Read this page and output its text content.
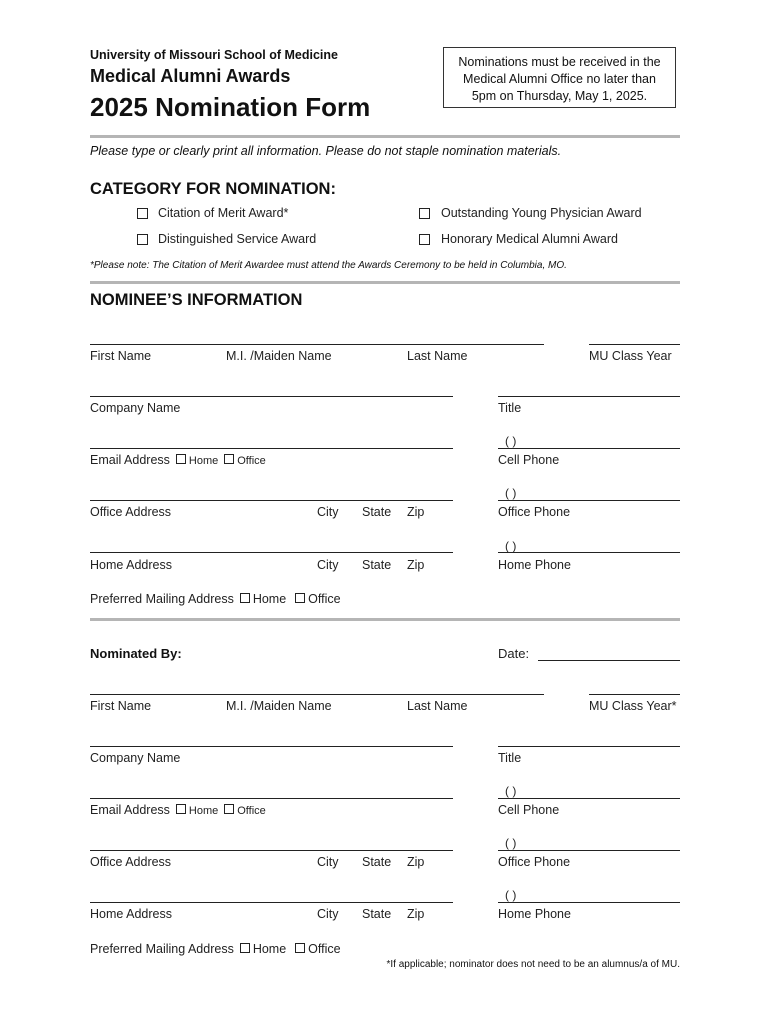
University of Missouri School of Medicine
Medical Alumni Awards
2025 Nomination Form
Nominations must be received in the Medical Alumni Office no later than 5pm on Thursday, May 1, 2025.
Please type or clearly print all information. Please do not staple nomination materials.
CATEGORY FOR NOMINATION:
Citation of Merit Award*	Outstanding Young Physician Award
Distinguished Service Award	Honorary Medical Alumni Award
*Please note: The Citation of Merit Awardee must attend the Awards Ceremony to be held in Columbia, MO.
NOMINEE’S INFORMATION
First Name	M.I. /Maiden Name	Last Name	MU Class Year
Company Name	Title
( )
Email Address Home Office	Cell Phone
( )
Office Address	City State Zip	Office Phone
( )
Home Address	City State Zip	Home Phone
Preferred Mailing Address Home Office
Nominated By:	Date:
First Name	M.I. /Maiden Name	Last Name	MU Class Year*
Company Name	Title
( )
Email Address Home Office	Cell Phone
( )
Office Address	City State Zip	Office Phone
( )
Home Address	City State Zip	Home Phone
Preferred Mailing Address Home Office
*If applicable; nominator does not need to be an alumnus/a of MU.
